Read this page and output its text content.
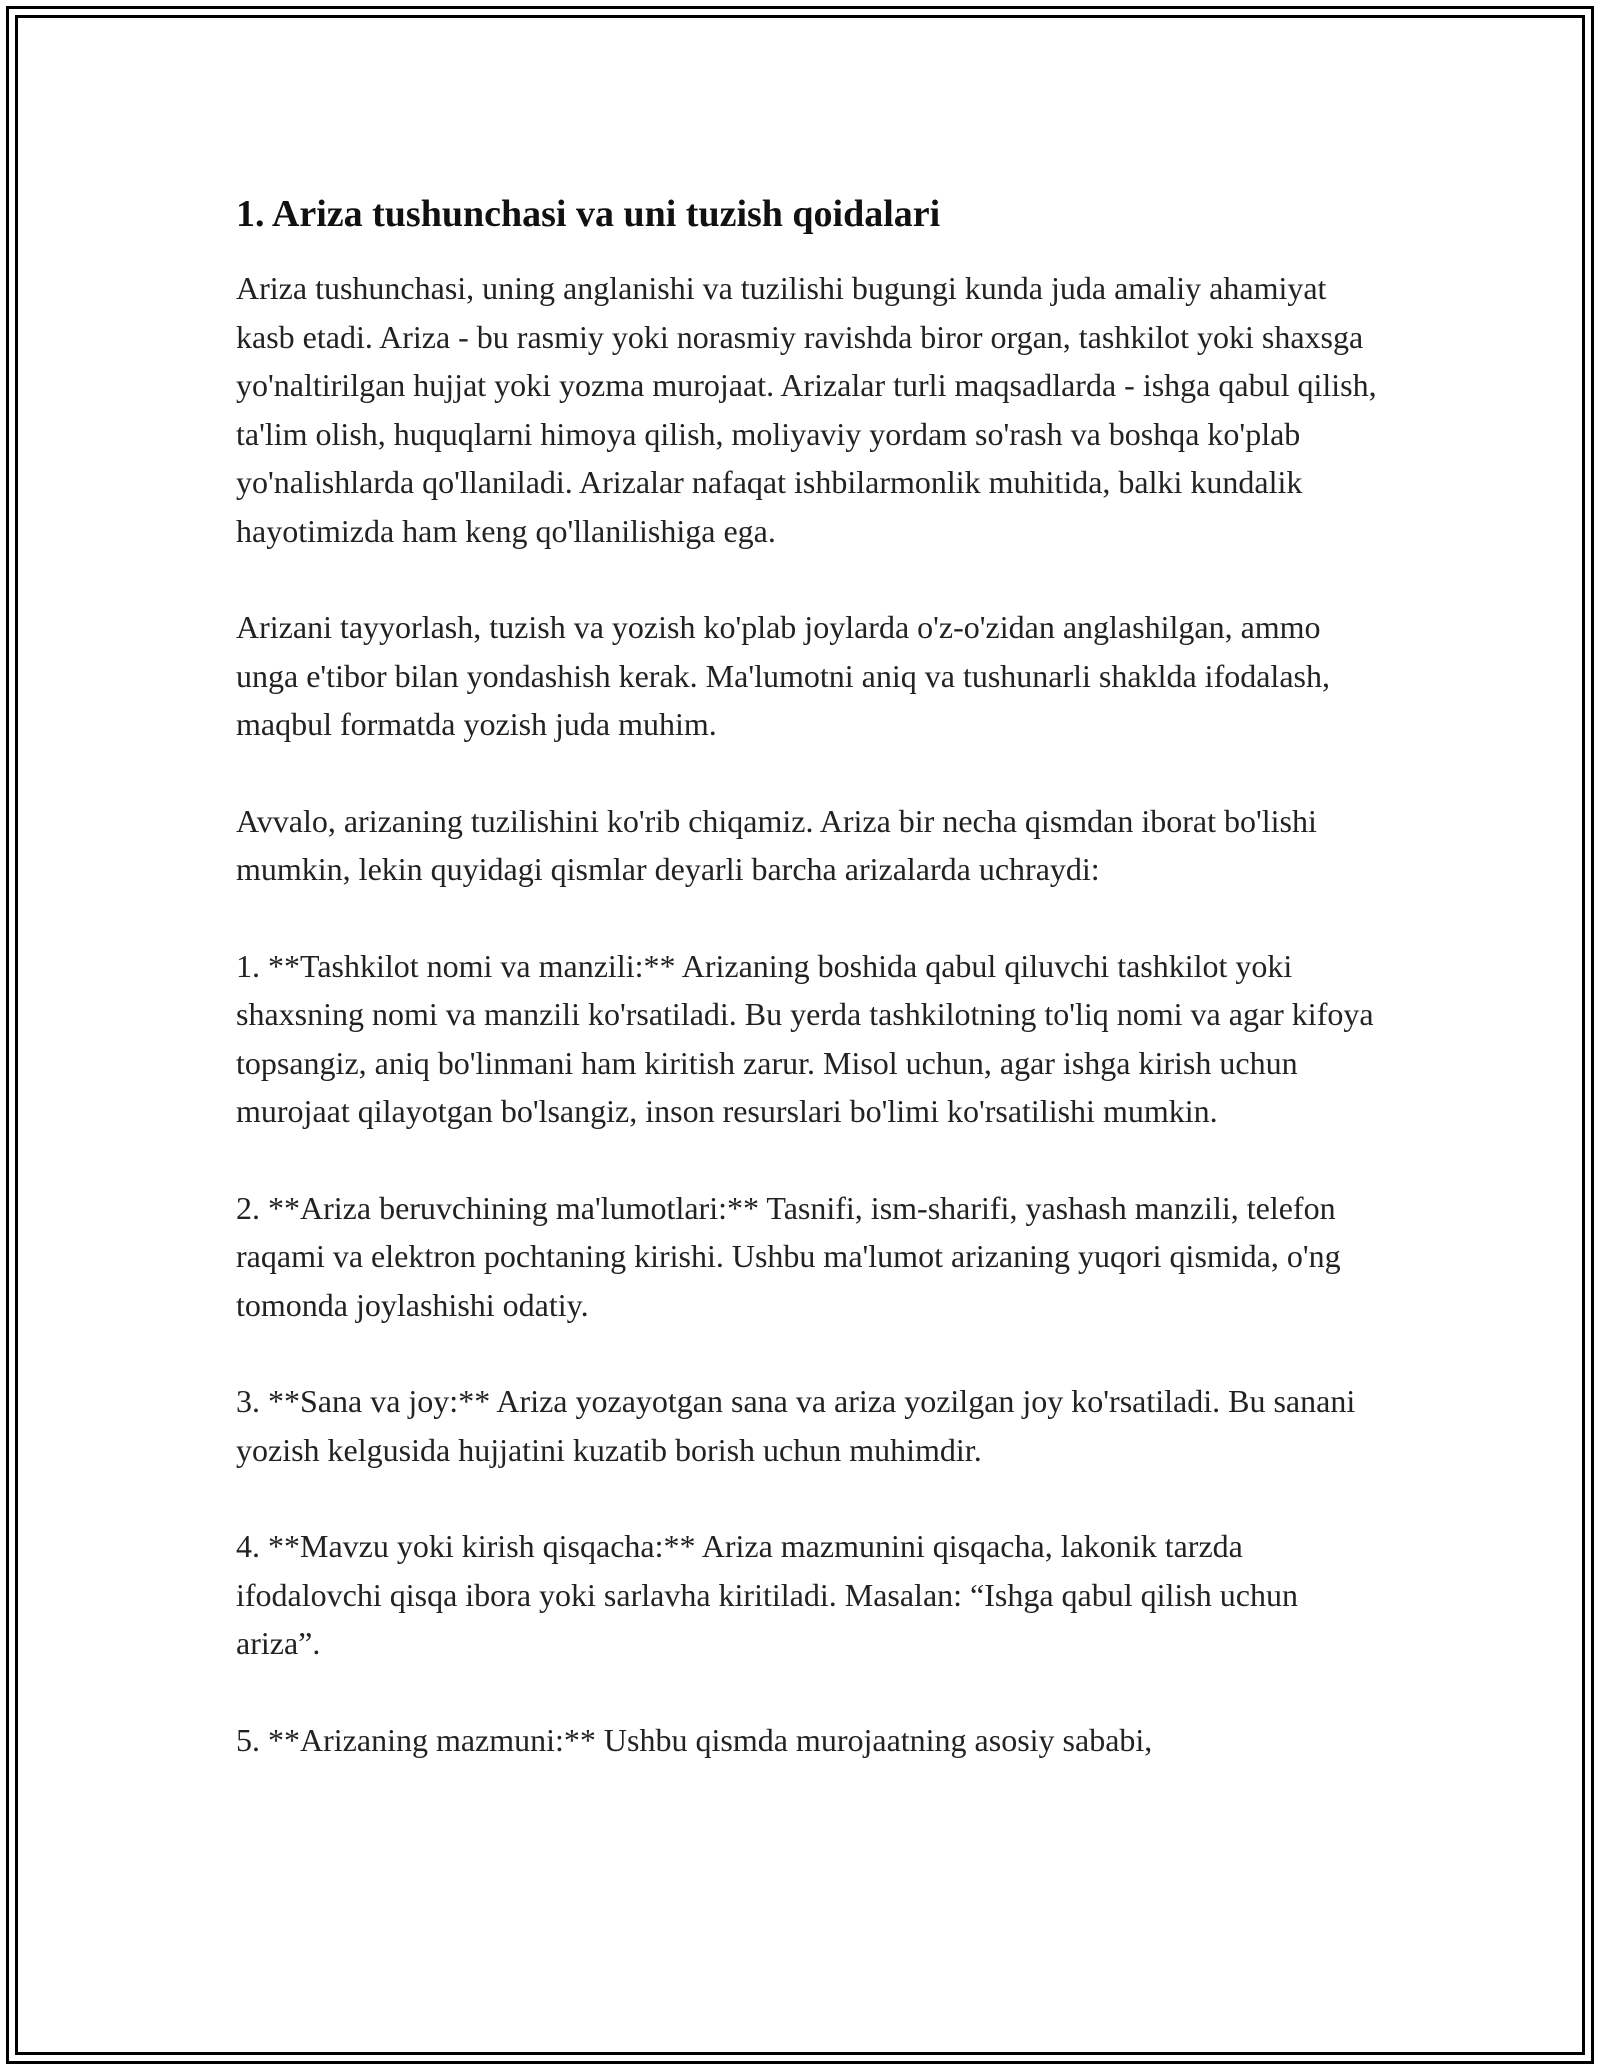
1. Ariza tushunchasi va uni tuzish qoidalari

Ariza tushunchasi, uning anglanishi va tuzilishi bugungi kunda juda amaliy ahamiyat kasb etadi. Ariza - bu rasmiy yoki norasmiy ravishda biror organ, tashkilot yoki shaxsga yo'naltirilgan hujjat yoki yozma murojaat. Arizalar turli maqsadlarda - ishga qabul qilish, ta'lim olish, huquqlarni himoya qilish, moliyaviy yordam so'rash va boshqa ko'plab yo'nalishlarda qo'llaniladi. Arizalar nafaqat ishbilarmonlik muhitida, balki kundalik hayotimizda ham keng qo'llanilishiga ega.

Arizani tayyorlash, tuzish va yozish ko'plab joylarda o'z-o'zidan anglashilgan, ammo unga e'tibor bilan yondashish kerak. Ma'lumotni aniq va tushunarli shaklda ifodalash, maqbul formatda yozish juda muhim.

Avvalo, arizaning tuzilishini ko'rib chiqamiz. Ariza bir necha qismdan iborat bo'lishi mumkin, lekin quyidagi qismlar deyarli barcha arizalarda uchraydi:

1. **Tashkilot nomi va manzili:** Arizaning boshida qabul qiluvchi tashkilot yoki shaxsning nomi va manzili ko'rsatiladi. Bu yerda tashkilotning to'liq nomi va agar kifoya topsangiz, aniq bo'linmani ham kiritish zarur. Misol uchun, agar ishga kirish uchun murojaat qilayotgan bo'lsangiz, inson resurslari bo'limi ko'rsatilishi mumkin.

2. **Ariza beruvchining ma'lumotlari:** Tasnifi, ism-sharifi, yashash manzili, telefon raqami va elektron pochtaning kirishi. Ushbu ma'lumot arizaning yuqori qismida, o'ng tomonda joylashishi odatiy.

3. **Sana va joy:** Ariza yozayotgan sana va ariza yozilgan joy ko'rsatiladi. Bu sanani yozish kelgusida hujjatini kuzatib borish uchun muhimdir.

4. **Mavzu yoki kirish qisqacha:** Ariza mazmunini qisqacha, lakonik tarzda ifodalovchi qisqa ibora yoki sarlavha kiritiladi. Masalan: “Ishga qabul qilish uchun ariza”.

5. **Arizaning mazmuni:** Ushbu qismda murojaatning asosiy sababi,
